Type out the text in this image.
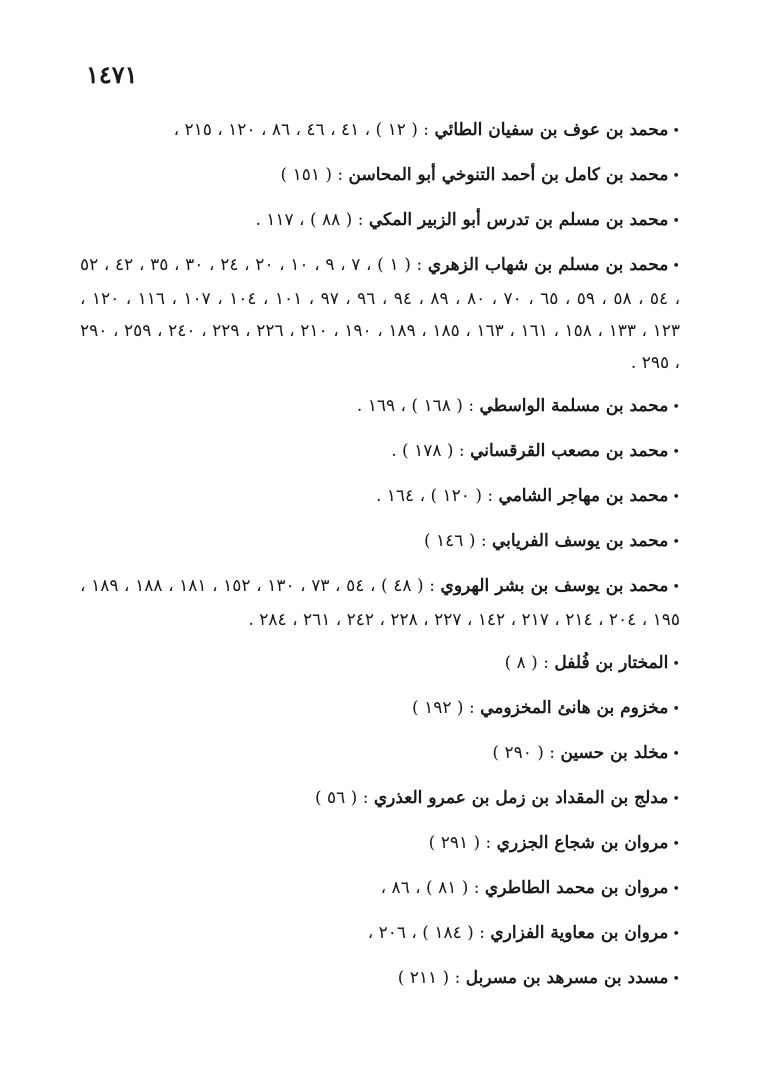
١٤٧١
•محمد بن عوف بن سفيان الطائي : ( ١٢ ) ، ٤١ ، ٤٦ ، ٨٦ ، ١٢٠ ، ٢١٥ ،
•محمد بن كامل بن أحمد التنوخي أبو المحاسن : ( ١٥١ )
•محمد بن مسلم بن تدرس أبو الزبير المكي : ( ٨٨ ) ، ١١٧ .
•محمد بن مسلم بن شهاب الزهري : ( ١ ) ، ٧ ، ٩ ، ١٠ ، ٢٠ ، ٢٤ ، ٣٠ ، ٣٥ ، ٤٢ ، ٥٢ ، ٥٤ ، ٥٨ ، ٥٩ ، ٦٥ ، ٧٠ ، ٨٠ ، ٨٩ ، ٩٤ ، ٩٦ ، ٩٧ ، ١٠١ ، ١٠٤ ، ١٠٧ ، ١١٦ ، ١٢٠ ، ١٢٣ ، ١٣٣ ، ١٥٨ ، ١٦١ ، ١٦٣ ، ١٨٥ ، ١٨٩ ، ١٩٠ ، ٢١٠ ، ٢٢٦ ، ٢٢٩ ، ٢٤٠ ، ٢٥٩ ، ٢٩٠ ، ٢٩٥ .
•محمد بن مسلمة الواسطي : ( ١٦٨ ) ، ١٦٩ .
•محمد بن مصعب القرقساني : ( ١٧٨ ) .
•محمد بن مهاجر الشامي : ( ١٢٠ ) ، ١٦٤ .
•محمد بن يوسف الفريابي : ( ١٤٦ )
•محمد بن يوسف بن بشر الهروي : ( ٤٨ ) ، ٥٤ ، ٧٣ ، ١٣٠ ، ١٥٢ ، ١٨١ ، ١٨٨ ، ١٨٩ ، ١٩٥ ، ٢٠٤ ، ٢١٤ ، ٢١٧ ، ١٤٢ ، ٢٢٧ ، ٢٢٨ ، ٢٤٢ ، ٢٦١ ، ٢٨٤ .
•المختار بن فُلفل : ( ٨ )
•مخزوم بن هانئ المخزومي : ( ١٩٢ )
•مخلد بن حسين : ( ٢٩٠ )
•مدلج بن المقداد بن زمل بن عمرو العذري : ( ٥٦ )
•مروان بن شجاع الجزري : ( ٢٩١ )
•مروان بن محمد الطاطري : ( ٨١ ) ، ٨٦ ،
•مروان بن معاوية الفزاري : ( ١٨٤ ) ، ٢٠٦ ،
•مسدد بن مسرهد بن مسربل : ( ٢١١ )
